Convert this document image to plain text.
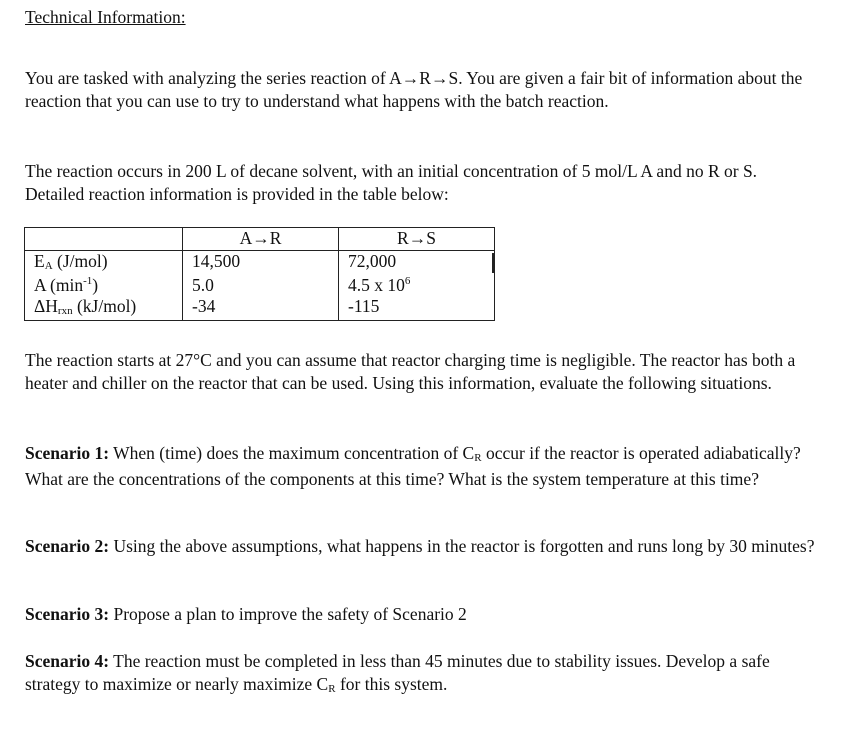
Technical Information:

You are tasked with analyzing the series reaction of A→R→S. You are given a fair bit of information about the reaction that you can use to try to understand what happens with the batch reaction.

The reaction occurs in 200 L of decane solvent, with an initial concentration of 5 mol/L A and no R or S. Detailed reaction information is provided in the table below:

	A→R	R→S
$E_A$ (J/mol)	14,500	72,000
A $(\min^{-1})$	5.0	4.5 x $10^6$
$\Delta H_{rxn}$ (kJ/mol)	-34	-115

The reaction starts at 27°C and you can assume that reactor charging time is negligible. The reactor has both a heater and chiller on the reactor that can be used. Using this information, evaluate the following situations.

Scenario 1: When (time) does the maximum concentration of $C_R$ occur if the reactor is operated adiabatically? What are the concentrations of the components at this time? What is the system temperature at this time?

Scenario 2: Using the above assumptions, what happens in the reactor is forgotten and runs long by 30 minutes?

Scenario 3: Propose a plan to improve the safety of Scenario 2

Scenario 4: The reaction must be completed in less than 45 minutes due to stability issues. Develop a safe strategy to maximize or nearly maximize $C_R$ for this system.
